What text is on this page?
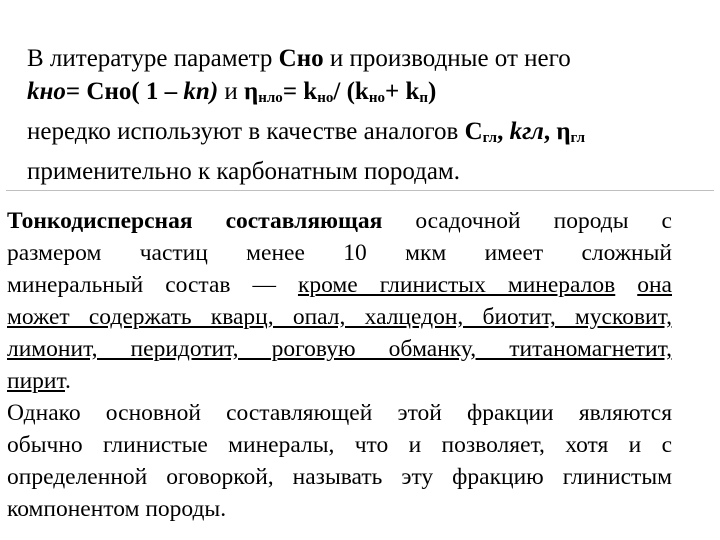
В литературе параметр Сно и производные от него
kно= Сно( 1 – kп) и $\eta_{нло}= k_{но}/$ $(k_{но}+ k_п)$
нередко используют в качестве аналогов $С_{гл}$, kгл, $\eta_{гл}$
применительно к карбонатным породам.
Тонкодисперсная составляющая осадочной породы с
размером частиц менее 10 мкм имеет сложный
минеральный состав — кроме глинистых минералов она
может содержать кварц, опал, халцедон, биотит, мусковит,
лимонит, перидотит, роговую обманку, титаномагнетит,
пирит.
Однако основной составляющей этой фракции являются
обычно глинистые минералы, что и позволяет, хотя и с
определенной оговоркой, называть эту фракцию глинистым
компонентом породы.
